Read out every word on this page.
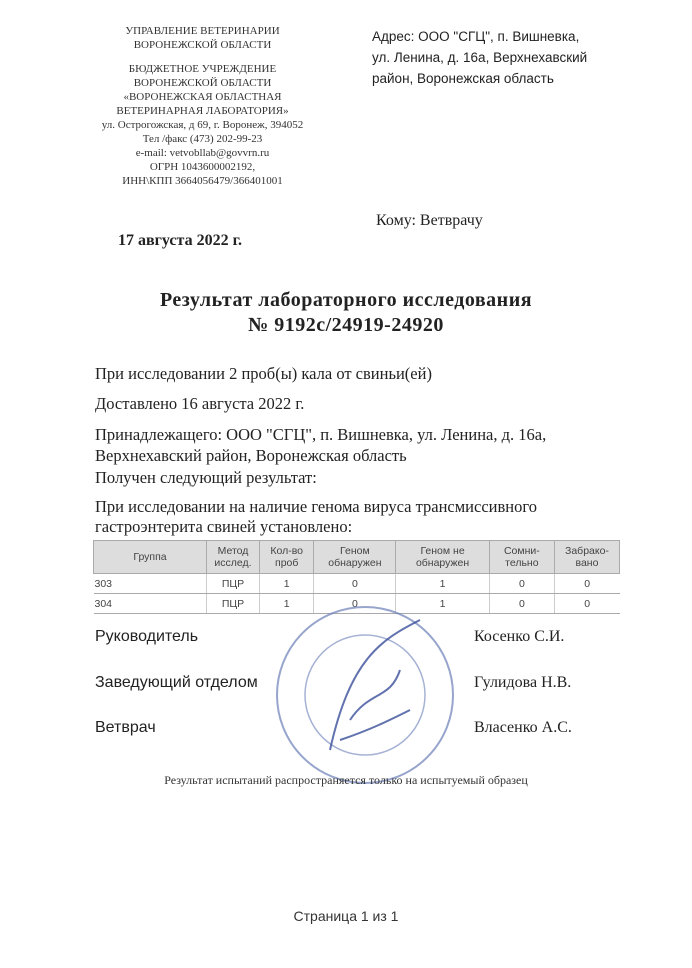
УПРАВЛЕНИЕ ВЕТЕРИНАРИИ
ВОРОНЕЖСКОЙ ОБЛАСТИ
БЮДЖЕТНОЕ УЧРЕЖДЕНИЕ
ВОРОНЕЖСКОЙ ОБЛАСТИ
«ВОРОНЕЖСКАЯ ОБЛАСТНАЯ
ВЕТЕРИНАРНАЯ ЛАБОРАТОРИЯ»
ул. Острогожская, д 69, г. Воронеж, 394052
Тел /факс (473) 202-99-23
e-mail: vetvobllab@govvrn.ru
ОГРН 1043600002192,
ИНН\КПП 3664056479/366401001
Адрес: ООО "СГЦ", п. Вишневка,
ул. Ленина, д. 16а, Верхнехавский
район, Воронежская область
Кому: Ветврачу
17 августа 2022 г.
Результат лабораторного исследования
№ 9192с/24919-24920
При исследовании 2 проб(ы) кала от свиньи(ей)
Доставлено 16 августа 2022 г.
Принадлежащего: ООО "СГЦ", п. Вишневка, ул. Ленина, д. 16а,
Верхнехавский район, Воронежская область
Получен следующий результат:
При исследовании на наличие генома вируса трансмиссивного
гастроэнтерита свиней установлено:
Группа	Метод исслед.	Кол-во проб	Геном обнаружен	Геном не обнаружен	Сомни-тельно	Забрако-вано
303	ПЦР	1	0	1	0	0
304	ПЦР	1	0	1	0	0
Руководитель	Косенко С.И.
Заведующий отделом	Гулидова Н.В.
Ветврач	Власенко А.С.
Результат испытаний распространяется только на испытуемый образец
Страница 1 из 1
